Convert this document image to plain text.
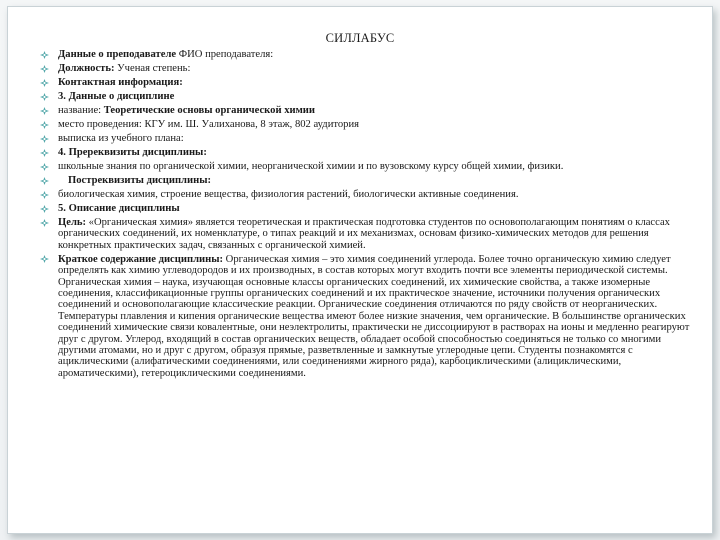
СИЛЛАБУС
Данные о преподавателе ФИО преподавателя:
Должность: Ученая степень:
Контактная информация:
3. Данные о дисциплине
название: Теоретические основы органической химии
место проведения: КГУ им. Ш. Уалиханова, 8 этаж, 802 аудитория
выписка из учебного плана:
4. Пререквизиты дисциплины:
школьные знания по органической химии, неорганической химии и по вузовскому курсу общей химии, физики.
Постреквизиты дисциплины:
биологическая химия, строение вещества, физиология растений, биологически активные соединения.
5. Описание дисциплины
Цель: «Органическая химия» является теоретическая и практическая подготовка студентов по основополагающим понятиям о классах органических соединений, их номенклатуре, о типах реакций и их механизмах, основам физико-химических методов для решения конкретных практических задач, связанных с органической химией.
Краткое содержание дисциплины: Органическая химия – это химия соединений углерода. Более точно органическую химию следует определять как химию углеводородов и их производных, в состав которых могут входить почти все элементы периодической системы. Органическая химия – наука, изучающая основные классы органических соединений, их химические свойства, а также изомерные соединения, классификационные группы органических соединений и их практическое значение, источники получения органических соединений и основополагающие классические реакции. Органические соединения отличаются по ряду свойств от неорганических. Температуры плавления и кипения органические вещества имеют более низкие значения, чем органические. В большинстве органических соединений химические связи ковалентные, они неэлектролиты, практически не диссоциируют в растворах на ионы и медленно реагируют друг с другом. Углерод, входящий в состав органических веществ, обладает особой способностью соединяться не только со многими другими атомами, но и друг с другом, образуя прямые, разветвленные и замкнутые углеродные цепи. Студенты познакомятся с ациклическими (алифатическими соединениями, или соединениями жирного ряда), карбоциклическими (алициклическими, ароматическими), гетероциклическими соединениями.
